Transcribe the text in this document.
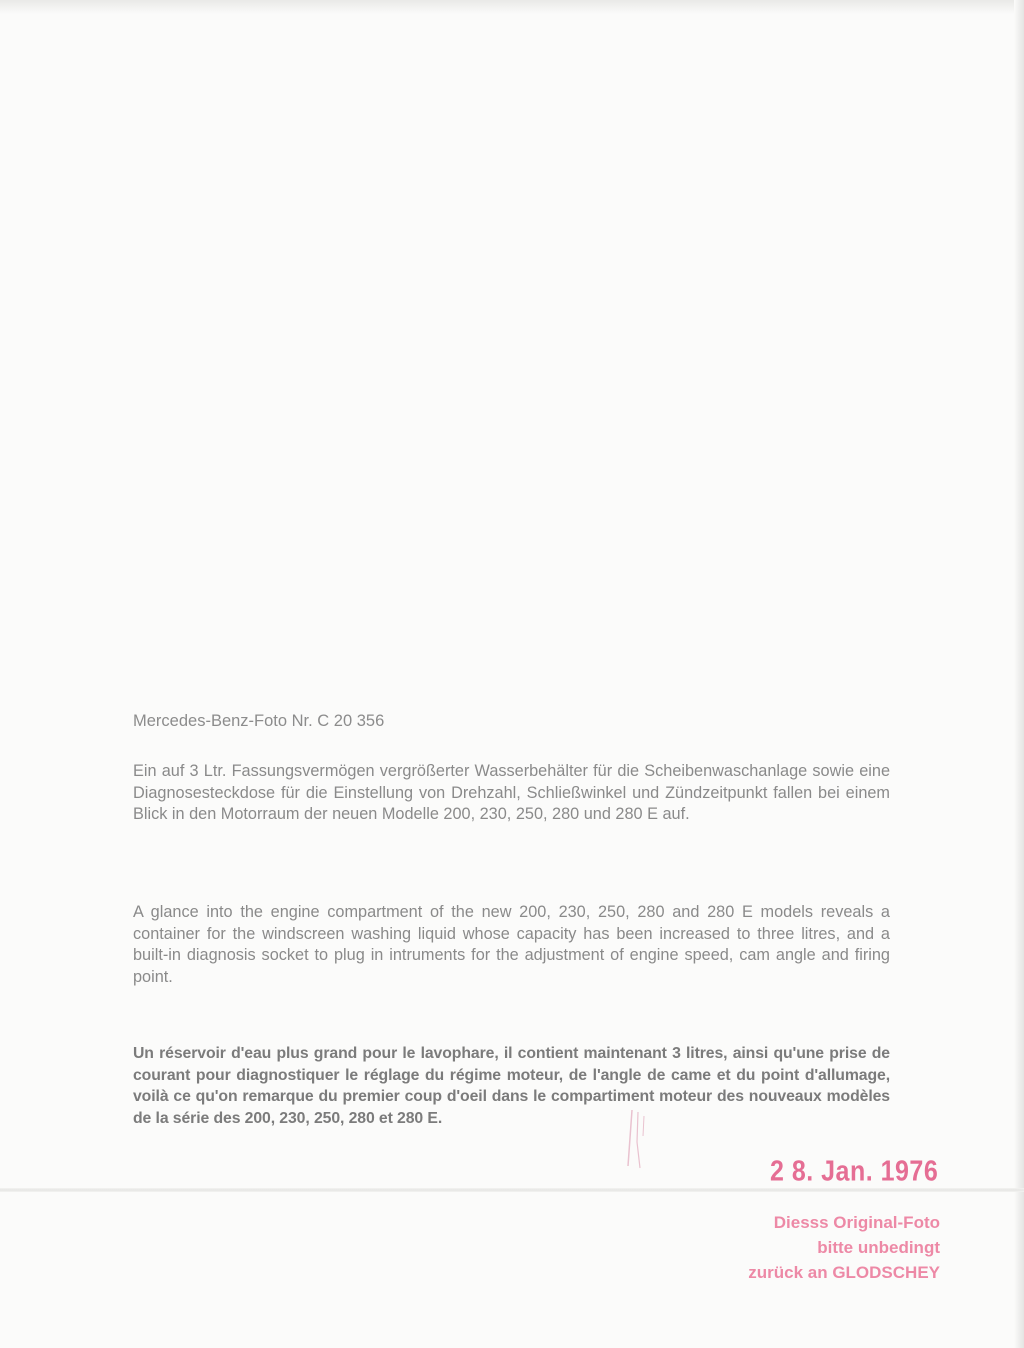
Mercedes-Benz-Foto Nr. C 20 356

Ein auf 3 Ltr. Fassungsvermögen vergrößerter Wasserbehälter für die Scheibenwaschanlage sowie eine Diagnosesteckdose für die Einstellung von Drehzahl, Schließwinkel und Zündzeitpunkt fallen bei einem Blick in den Motorraum der neuen Modelle 200, 230, 250, 280 und 280 E auf.

A glance into the engine compartment of the new 200, 230, 250, 280 and 280 E models reveals a container for the windscreen washing liquid whose capacity has been increased to three litres, and a built-in diagnosis socket to plug in intruments for the adjustment of engine speed, cam angle and firing point.

Un réservoir d'eau plus grand pour le lavophare, il contient maintenant 3 litres, ainsi qu'une prise de courant pour diagnostiquer le réglage du régime moteur, de l'angle de came et du point d'allumage, voilà ce qu'on remarque du premier coup d'oeil dans le compartiment moteur des nouveaux modèles de la série des 200, 230, 250, 280 et 280 E.

2 8. Jan. 1976
Diesss Original-Foto
bitte unbedingt
zurück an GLODSCHEY
